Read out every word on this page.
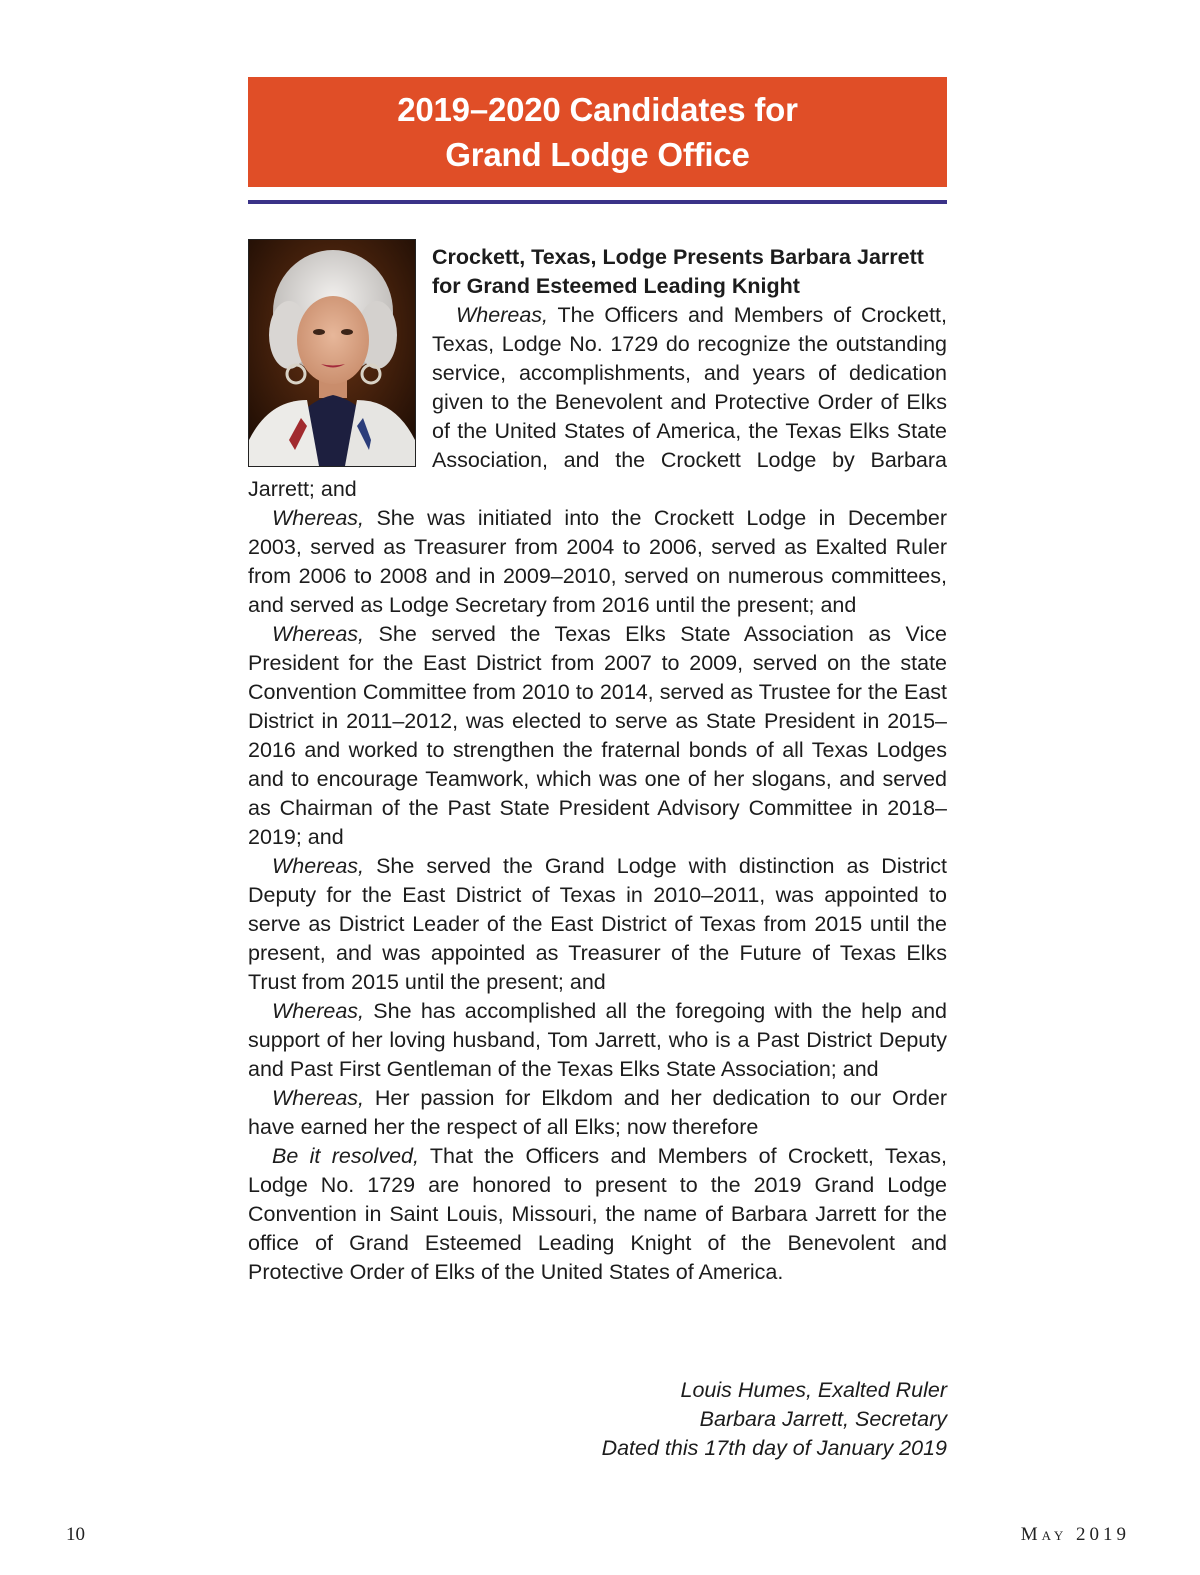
2019–2020 Candidates for
Grand Lodge Office
Crockett, Texas, Lodge Presents Barbara Jarrett for Grand Esteemed Leading Knight
Whereas, The Officers and Members of Crockett, Texas, Lodge No. 1729 do recognize the outstanding service, accomplishments, and years of dedication given to the Benevolent and Protective Order of Elks of the United States of America, the Texas Elks State Association, and the Crockett Lodge by Barbara Jarrett; and
Whereas, She was initiated into the Crockett Lodge in December 2003, served as Treasurer from 2004 to 2006, served as Exalted Ruler from 2006 to 2008 and in 2009–2010, served on numerous committees, and served as Lodge Secretary from 2016 until the present; and
Whereas, She served the Texas Elks State Association as Vice President for the East District from 2007 to 2009, served on the state Convention Committee from 2010 to 2014, served as Trustee for the East District in 2011–2012, was elected to serve as State President in 2015–2016 and worked to strengthen the fraternal bonds of all Texas Lodges and to encourage Teamwork, which was one of her slogans, and served as Chairman of the Past State President Advisory Committee in 2018–2019; and
Whereas, She served the Grand Lodge with distinction as District Deputy for the East District of Texas in 2010–2011, was appointed to serve as District Leader of the East District of Texas from 2015 until the present, and was appointed as Treasurer of the Future of Texas Elks Trust from 2015 until the present; and
Whereas, She has accomplished all the foregoing with the help and support of her loving husband, Tom Jarrett, who is a Past District Deputy and Past First Gentleman of the Texas Elks State Association; and
Whereas, Her passion for Elkdom and her dedication to our Order have earned her the respect of all Elks; now therefore
Be it resolved, That the Officers and Members of Crockett, Texas, Lodge No. 1729 are honored to present to the 2019 Grand Lodge Convention in Saint Louis, Missouri, the name of Barbara Jarrett for the office of Grand Esteemed Leading Knight of the Benevolent and Protective Order of Elks of the United States of America.
Louis Humes, Exalted Ruler
Barbara Jarrett, Secretary
Dated this 17th day of January 2019
10	May 2019
